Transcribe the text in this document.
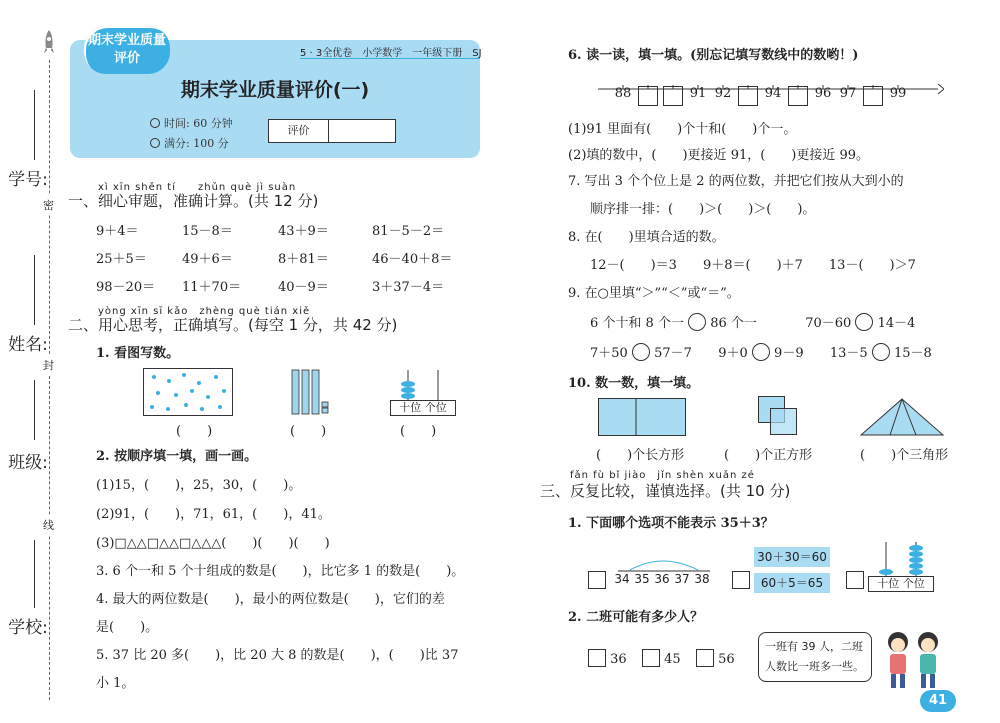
学号:
姓名:
班级:
学校:
密
封
线
期末学业质量评价	5 · 3全优卷　小学数学　一年级下册　SJ
期末学业质量评价(一)
时间: 60 分钟
满分: 100 分
评价
xì xīn shěn tí　　zhǔn què jì suàn
一、细心审题，准确计算。(共 12 分)
9＋4＝	15－8＝	43＋9＝	81－5－2＝
25＋5＝	49＋6＝	8＋81＝	46－40＋8＝
98－20＝ 11＋70＝	40－9＝	3＋37－4＝
yòng xīn sī kǎo　zhèng què tián xiě
二、用心思考，正确填写。(每空 1 分，共 42 分)
1. 看图写数。
(　　)	(　　)
十位 个位
(　　)
2. 按顺序填一填，画一画。
(1)15，(　　)，25，30，(　　)。
(2)91，(　　)，71，61，(　　)，41。
(3)□△△□△△□△△△(　　)(　　)(　　)
3. 6 个一和 5 个十组成的数是(　　)，比它多 1 的数是(　　)。
4. 最大的两位数是(　　)，最小的两位数是(　　)，它们的差
是(　　)。
5. 37 比 20 多(　　)，比 20 大 8 的数是(　　)，(　　)比 37
小 1。
6. 读一读，填一填。(别忘记填写数线中的数哟！)
88	91 92	94	96 97	99
(1)91 里面有(　　)个十和(　　)个一。
(2)填的数中，(　　)更接近 91，(　　)更接近 99。
7. 写出 3 个个位上是 2 的两位数，并把它们按从大到小的
顺序排一排：(　　)＞(　　)＞(　　)。
8. 在(　　)里填合适的数。
12－(　　)＝3　　9＋8＝(　　)＋7　　13－(　　)＞7
9. 在○里填“＞”“＜”或“＝”。
6 个十和 8 个一 86 个一	70－60 14－4
7＋50 57－7 9＋0 9－9 13－5 15－8
10. 数一数，填一填。
(　　)个长方形	(　　)个正方形	(　　)个三角形
fǎn fù bǐ jiào　jǐn shèn xuǎn zé
三、反复比较，谨慎选择。(共 10 分)
1. 下面哪个选项不能表示 35＋3？
34 35 36 37 38
30＋30＝60
60＋5＝65	十位 个位
2. 二班可能有多少人？
36	45	56
一班有 39 人，二班
人数比一班多一些。
41
